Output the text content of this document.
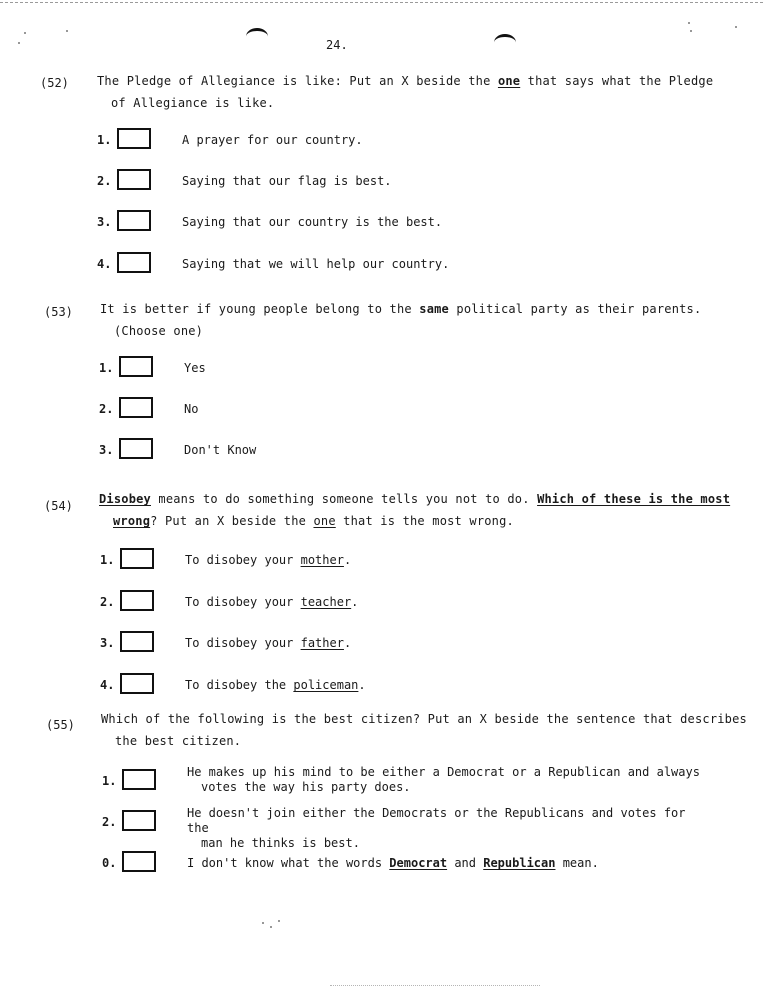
24.
(52) The Pledge of Allegiance is like: Put an X beside the one that says what the Pledge
of Allegiance is like.
1.	A prayer for our country.
2.	Saying that our flag is best.
3.	Saying that our country is the best.
4.	Saying that we will help our country.
(53) It is better if young people belong to the same political party as their parents.
(Choose one)
1.	Yes
2.	No
3.	Don't Know
(54) Disobey means to do something someone tells you not to do. Which of these is the most
wrong? Put an X beside the one that is the most wrong.
1.	To disobey your mother.
2.	To disobey your teacher.
3.	To disobey your father.
4.	To disobey the policeman.
(55) Which of the following is the best citizen? Put an X beside the sentence that describes
the best citizen.
1.
He makes up his mind to be either a Democrat or a Republican and always
votes the way his party does.
2.
He doesn't join either the Democrats or the Republicans and votes for the
man he thinks is best.
0.	I don't know what the words Democrat and Republican mean.
